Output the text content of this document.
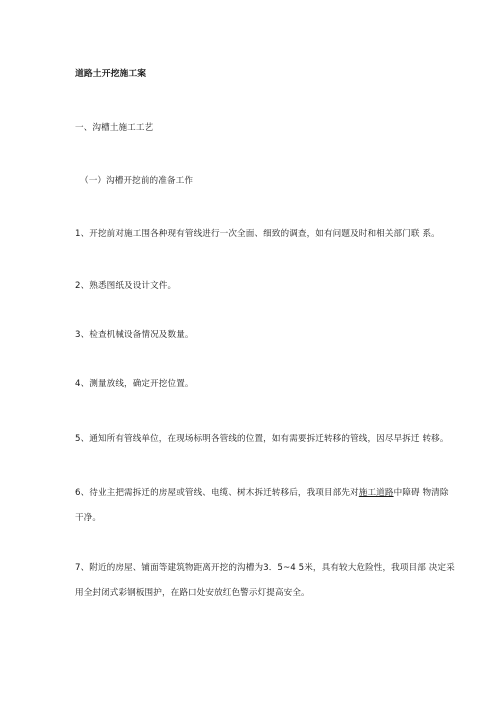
道路土开挖施工案
一、沟槽土施工工艺
（一）沟槽开挖前的准备工作
1、开挖前对施工围各种现有管线进行一次全面、细致的调查，如有问题及时和相关部门联 系。
2、熟悉图纸及设计文件。
3、检查机械设备情况及数量。
4、测量放线，确定开挖位置。
5、通知所有管线单位，在现场标明各管线的位置，如有需要拆迁转移的管线，因尽早拆迁 转移。
6、待业主把需拆迁的房屋或管线、电缆、树木拆迁转移后，我项目部先对施工道路中障碍 物清除
干净。
7、附近的房屋、铺面等建筑物距离开挖的沟槽为3．5~4 5米，具有较大危险性，我项目部 决定采
用全封闭式彩钢板围护，在路口处安放红色警示灯提高安全。
